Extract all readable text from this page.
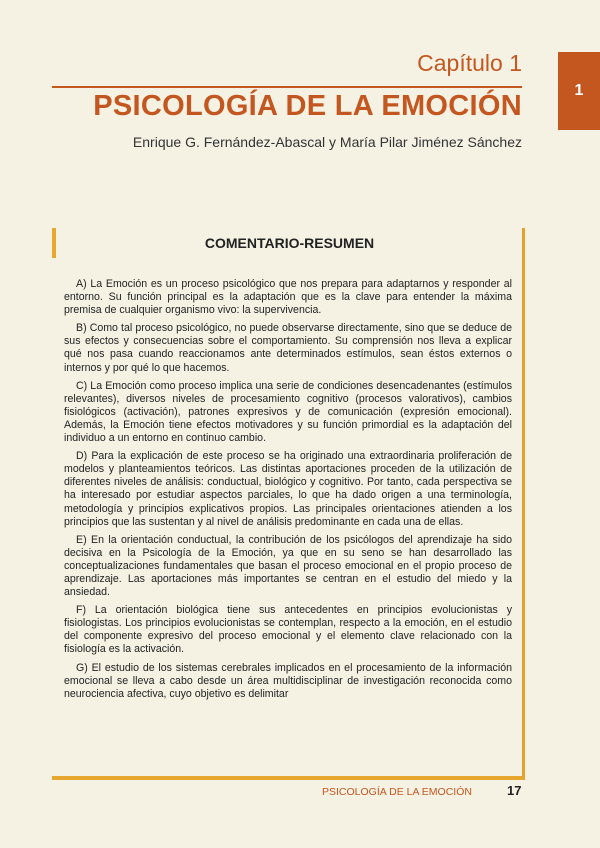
Capítulo 1
1
PSICOLOGÍA DE LA EMOCIÓN
Enrique G. Fernández-Abascal y María Pilar Jiménez Sánchez
COMENTARIO-RESUMEN

A) La Emoción es un proceso psicológico que nos prepara para adaptarnos y responder al entorno. Su función principal es la adaptación que es la clave para entender la máxima premisa de cualquier organismo vivo: la supervivencia.

B) Como tal proceso psicológico, no puede observarse directamente, sino que se deduce de sus efectos y consecuencias sobre el comportamiento. Su comprensión nos lleva a explicar qué nos pasa cuando reaccionamos ante determinados estímulos, sean éstos externos o internos y por qué lo que hacemos.

C) La Emoción como proceso implica una serie de condiciones desencadenantes (estímulos relevantes), diversos niveles de procesamiento cognitivo (procesos valorativos), cambios fisiológicos (activación), patrones expresivos y de comunicación (expresión emocional). Además, la Emoción tiene efectos motivadores y su función primordial es la adaptación del individuo a un entorno en continuo cambio.

D) Para la explicación de este proceso se ha originado una extraordinaria proliferación de modelos y planteamientos teóricos. Las distintas aportaciones proceden de la utilización de diferentes niveles de análisis: conductual, biológico y cognitivo. Por tanto, cada perspectiva se ha interesado por estudiar aspectos parciales, lo que ha dado origen a una terminología, metodología y principios explicativos propios. Las principales orientaciones atienden a los principios que las sustentan y al nivel de análisis predominante en cada una de ellas.

E) En la orientación conductual, la contribución de los psicólogos del aprendizaje ha sido decisiva en la Psicología de la Emoción, ya que en su seno se han desarrollado las conceptualizaciones fundamentales que basan el proceso emocional en el propio proceso de aprendizaje. Las aportaciones más importantes se centran en el estudio del miedo y la ansiedad.

F) La orientación biológica tiene sus antecedentes en principios evolucionistas y fisiologistas. Los principios evolucionistas se contemplan, respecto a la emoción, en el estudio del componente expresivo del proceso emocional y el elemento clave relacionado con la fisiología es la activación.

G) El estudio de los sistemas cerebrales implicados en el procesamiento de la información emocional se lleva a cabo desde un área multidisciplinar de investigación reconocida como neurociencia afectiva, cuyo objetivo es delimitar

PSICOLOGÍA DE LA EMOCIÓN	17
